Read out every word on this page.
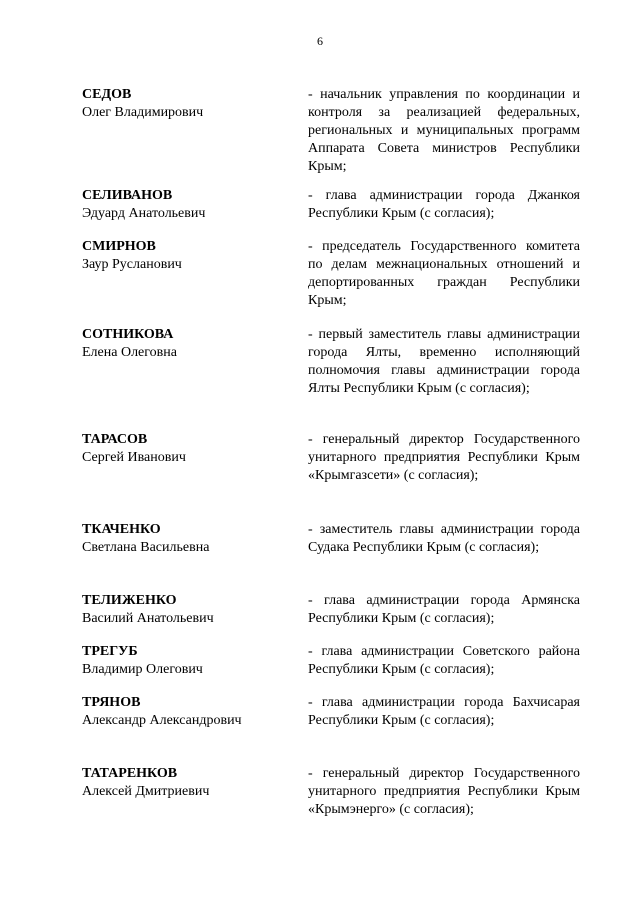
6
СЕДОВ
Олег Владимирович
- начальник управления по координации и контроля за реализацией федеральных, региональных и муниципальных программ Аппарата Совета министров Республики Крым;
СЕЛИВАНОВ
Эдуард Анатольевич
- глава администрации города Джанкоя Республики Крым (с согласия);
СМИРНОВ
Заур Русланович
- председатель Государственного комитета по делам межнациональных отношений и депортированных граждан Республики Крым;
СОТНИКОВА
Елена Олеговна
- первый заместитель главы администрации города Ялты, временно исполняющий полномочия главы администрации города Ялты Республики Крым (с согласия);
ТАРАСОВ
Сергей Иванович
- генеральный директор Государственного унитарного предприятия Республики Крым «Крымгазсети» (с согласия);
ТКАЧЕНКО
Светлана Васильевна
- заместитель главы администрации города Судака Республики Крым (с согласия);
ТЕЛИЖЕНКО
Василий Анатольевич
- глава администрации города Армянска Республики Крым (с согласия);
ТРЕГУБ
Владимир Олегович
- глава администрации Советского района Республики Крым (с согласия);
ТРЯНОВ
Александр Александрович
- глава администрации города Бахчисарая Республики Крым (с согласия);
ТАТАРЕНКОВ
Алексей Дмитриевич
- генеральный директор Государственного унитарного предприятия Республики Крым «Крымэнерго» (с согласия);
